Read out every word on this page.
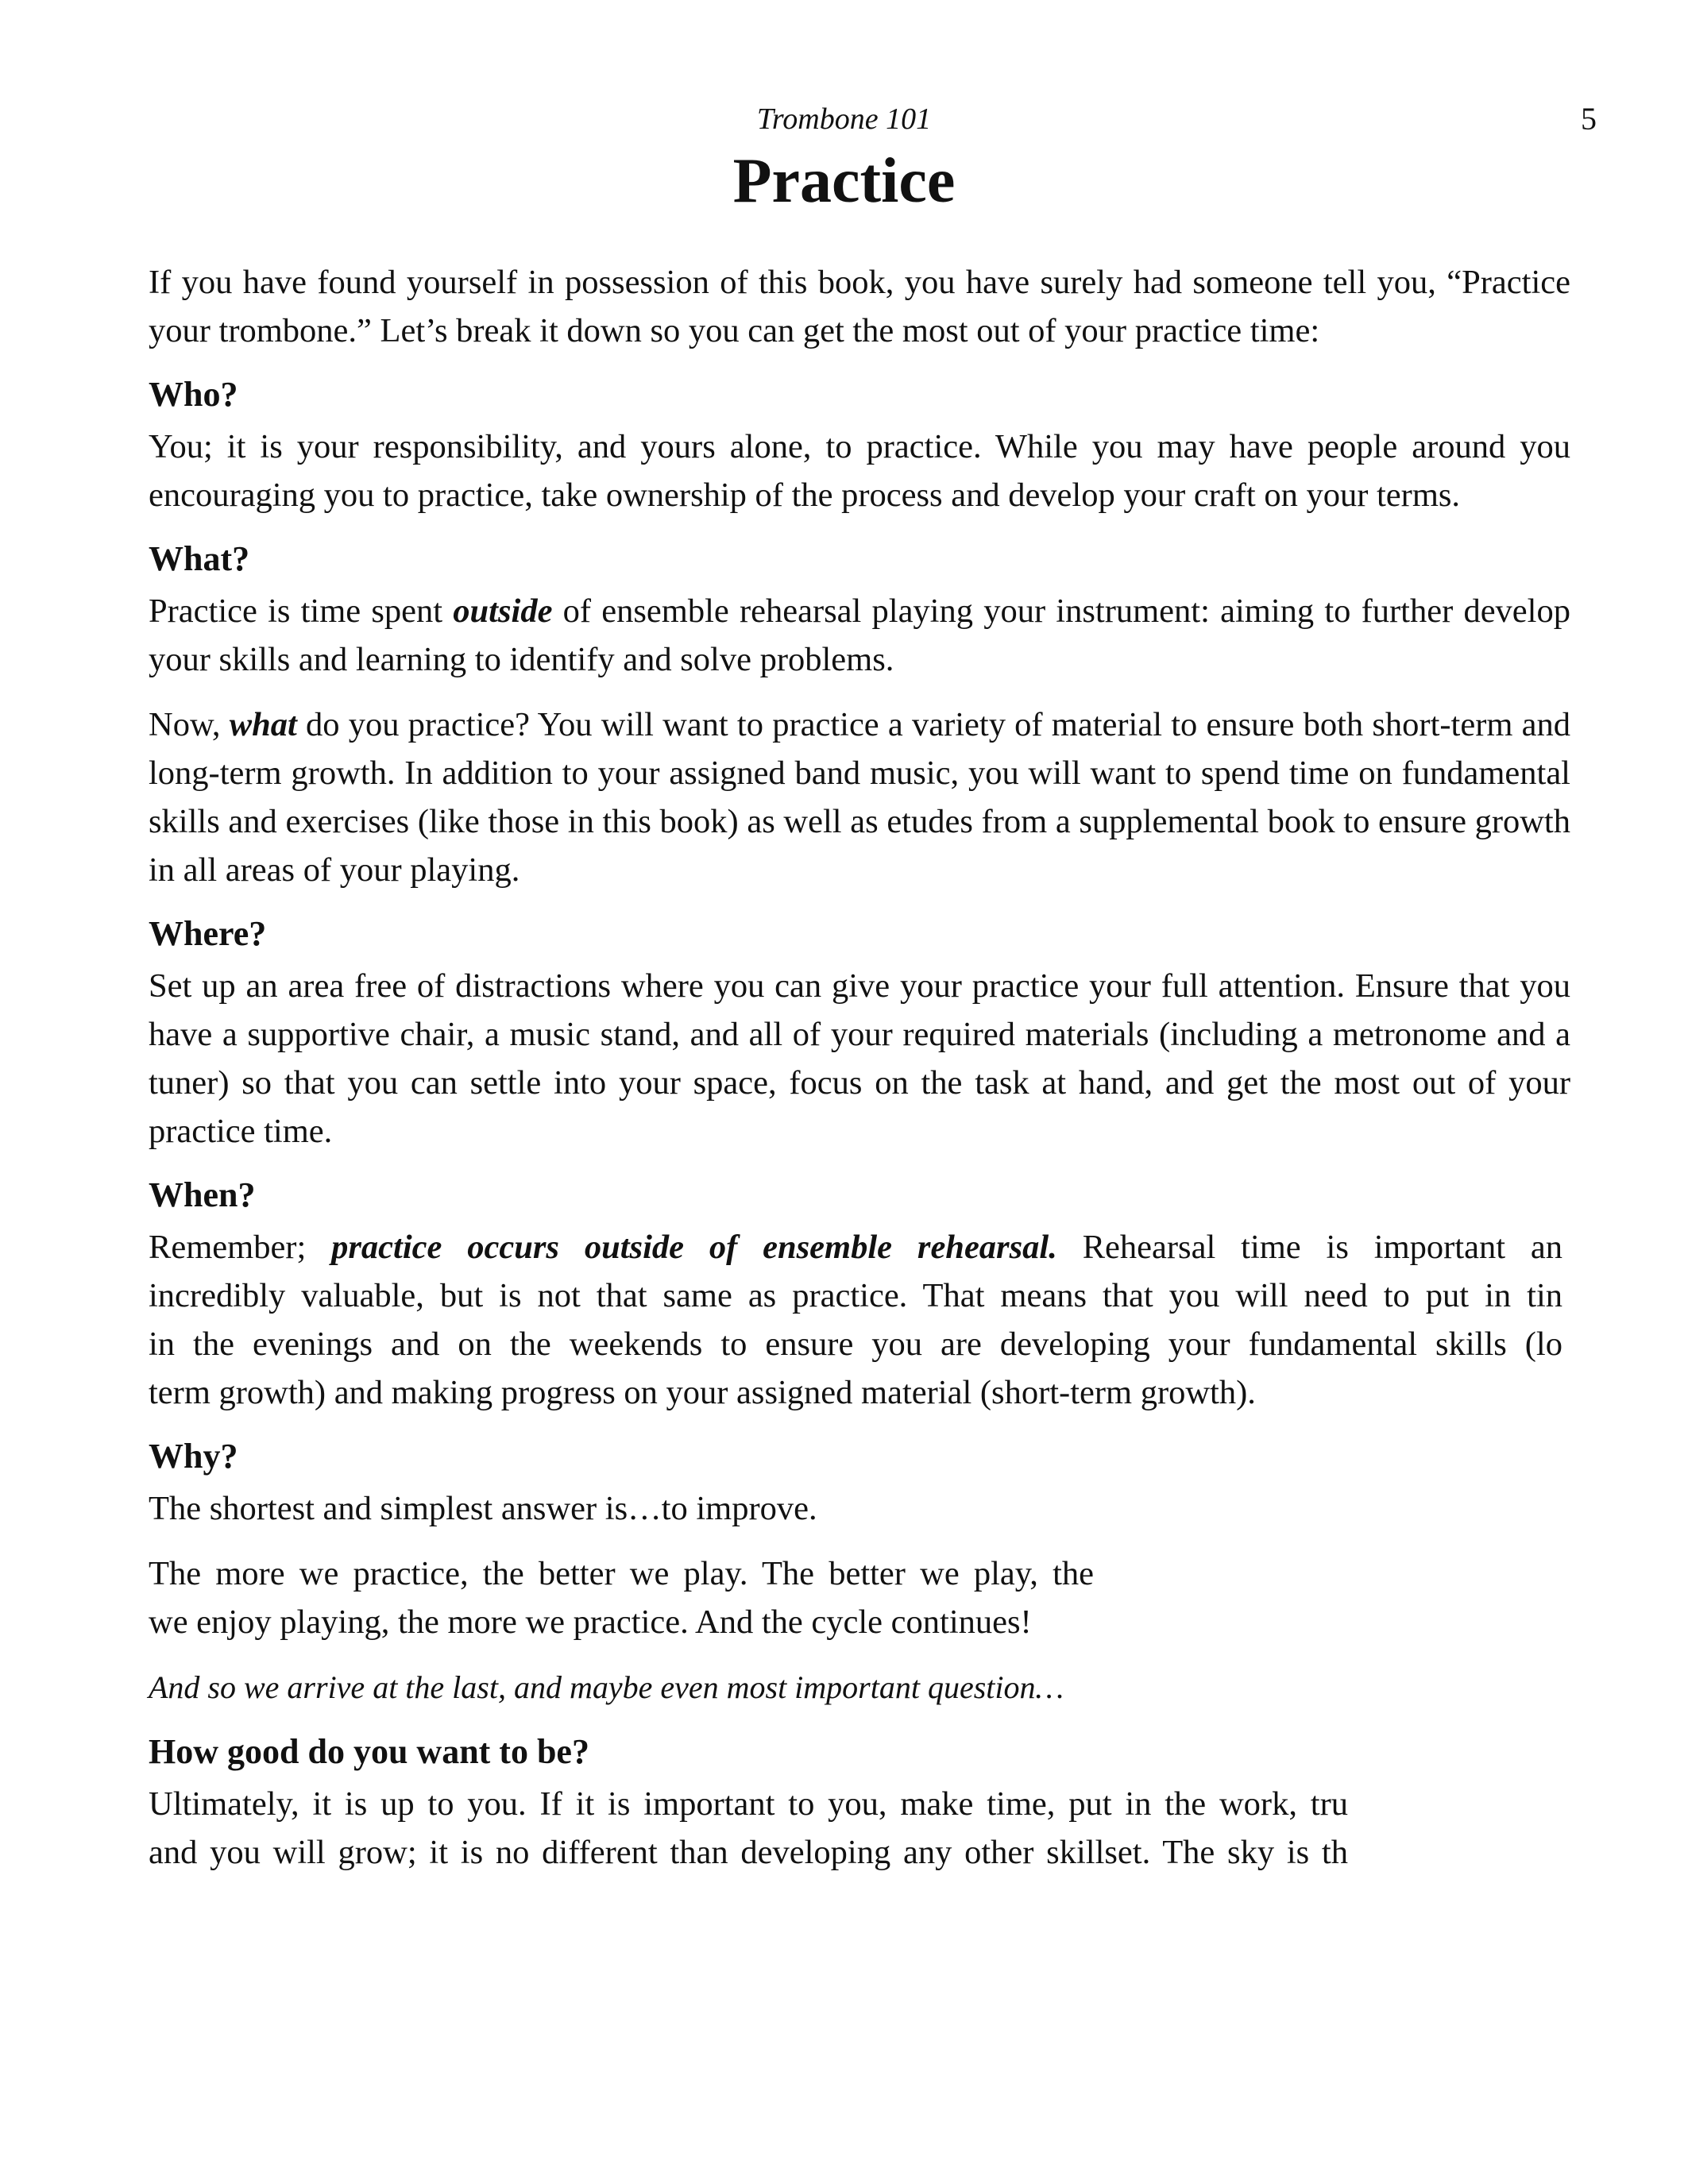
Trombone 101	5
Practice

If you have found yourself in possession of this book, you have surely had someone tell you, “Practice your trombone.” Let’s break it down so you can get the most out of your practice time:

Who?

You; it is your responsibility, and yours alone, to practice. While you may have people around you encouraging you to practice, take ownership of the process and develop your craft on your terms.

What?

Practice is time spent outside of ensemble rehearsal playing your instrument: aiming to further develop your skills and learning to identify and solve problems.

Now, what do you practice? You will want to practice a variety of material to ensure both short-term and long-term growth. In addition to your assigned band music, you will want to spend time on fundamental skills and exercises (like those in this book) as well as etudes from a supplemental book to ensure growth in all areas of your playing.

Where?

Set up an area free of distractions where you can give your practice your full attention. Ensure that you have a supportive chair, a music stand, and all of your required materials (including a metronome and a tuner) so that you can settle into your space, focus on the task at hand, and get the most out of your practice time.

When?
Remember; practice occurs outside of ensemble rehearsal. Rehearsal time is important an
incredibly valuable, but is not that same as practice. That means that you will need to put in tin
in the evenings and on the weekends to ensure you are developing your fundamental skills (lo
term growth) and making progress on your assigned material (short-term growth).
Why?

The shortest and simplest answer is…to improve.

The more we practice, the better we play. The better we play, the
we enjoy playing, the more we practice. And the cycle continues!

And so we arrive at the last, and maybe even most important question…

How good do you want to be?
Ultimately, it is up to you. If it is important to you, make time, put in the work, tru
and you will grow; it is no different than developing any other skillset. The sky is th
